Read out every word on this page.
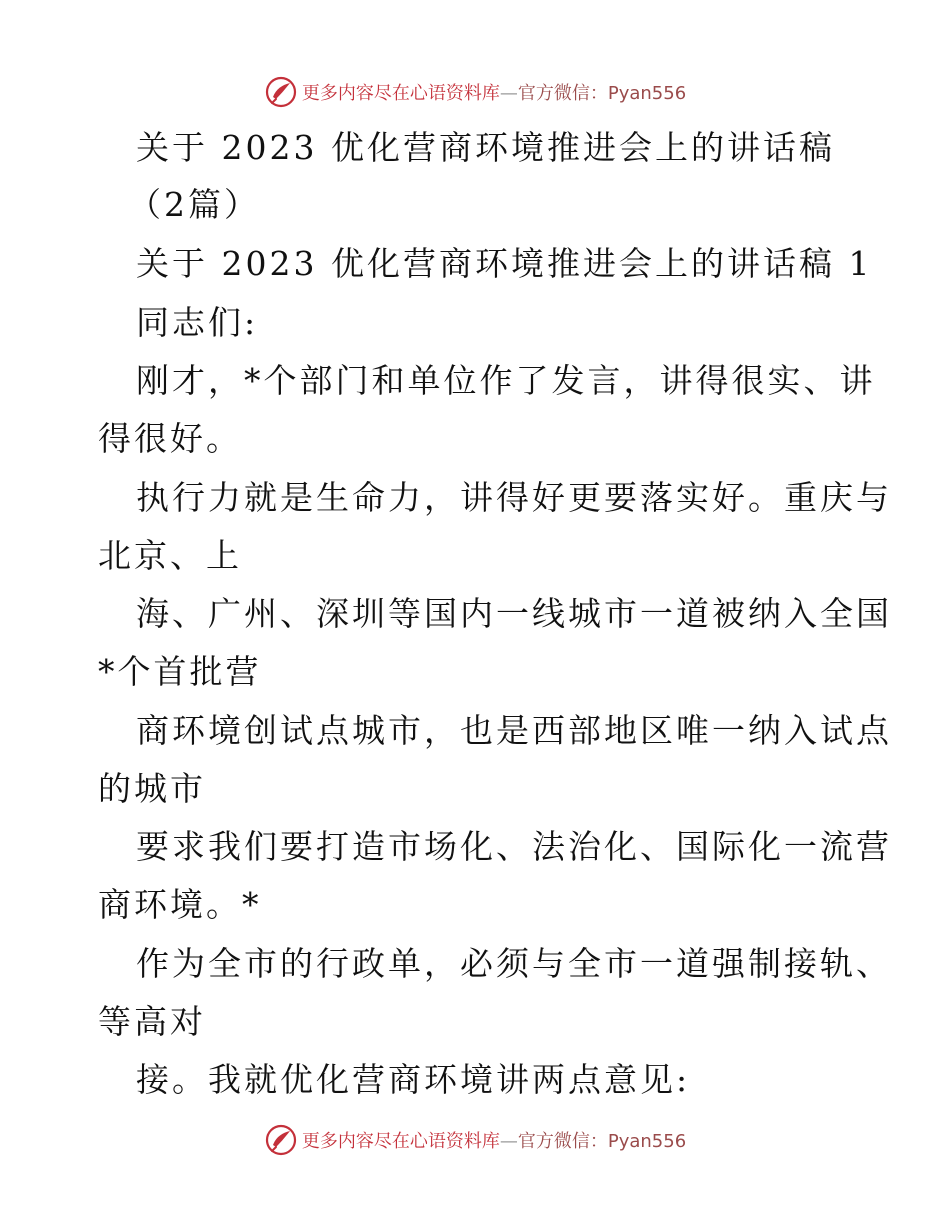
更多内容尽在心语资料库—官方微信：Pyan556
关于 2023 优化营商环境推进会上的讲话稿
（2篇）
关于 2023 优化营商环境推进会上的讲话稿 1
同志们:
刚才，*个部门和单位作了发言，讲得很实、讲
得很好。
执行力就是生命力，讲得好更要落实好。重庆与
北京、上
海、广州、深圳等国内一线城市一道被纳入全国
*个首批营
商环境创试点城市，也是西部地区唯一纳入试点
的城市
要求我们要打造市场化、法治化、国际化一流营
商环境。*
作为全市的行政单，必须与全市一道强制接轨、
等高对
接。我就优化营商环境讲两点意见:
更多内容尽在心语资料库—官方微信：Pyan556
